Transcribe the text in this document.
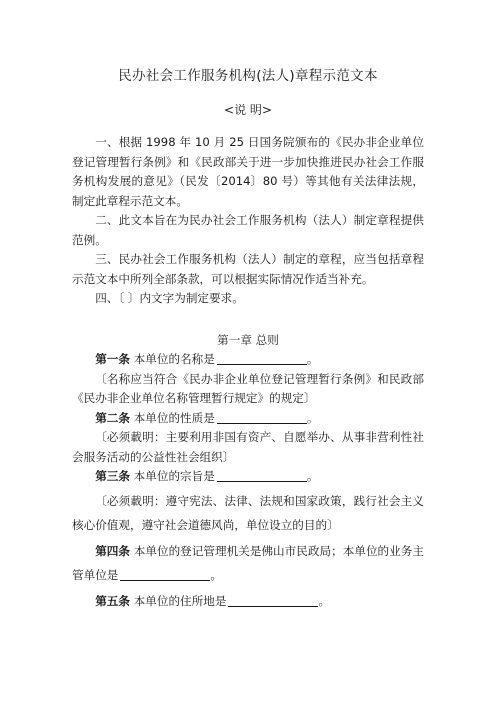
民办社会工作服务机构(法人)章程示范文本
<说 明>

一、根据 1998 年 10 月 25 日国务院颁布的《民办非企业单位登记管理暂行条例》和《民政部关于进一步加快推进民办社会工作服务机构发展的意见》（民发〔2014〕80 号）等其他有关法律法规，制定此章程示范文本。

二、此文本旨在为民办社会工作服务机构（法人）制定章程提供范例。

三、民办社会工作服务机构（法人）制定的章程，应当包括章程示范文本中所列全部条款，可以根据实际情况作适当补充。

四、〔 〕内文字为制定要求。

第一章 总则

第一条 本单位的名称是	。

〔名称应当符合《民办非企业单位登记管理暂行条例》和民政部《民办非企业单位名称管理暂行规定》的规定〕

第二条 本单位的性质是	。

〔必须載明：主要利用非国有资产、自愿举办、从事非营利性社会服务活动的公益性社会组织〕

第三条 本单位的宗旨是	。

〔必须載明：遵守宪法、法律、法规和国家政策，践行社会主义核心价值观，遵守社会道德风尚，单位设立的目的〕

第四条 本单位的登记管理机关是佛山市民政局；本单位的业务主管单位是	。

第五条 本单位的住所地是	。
